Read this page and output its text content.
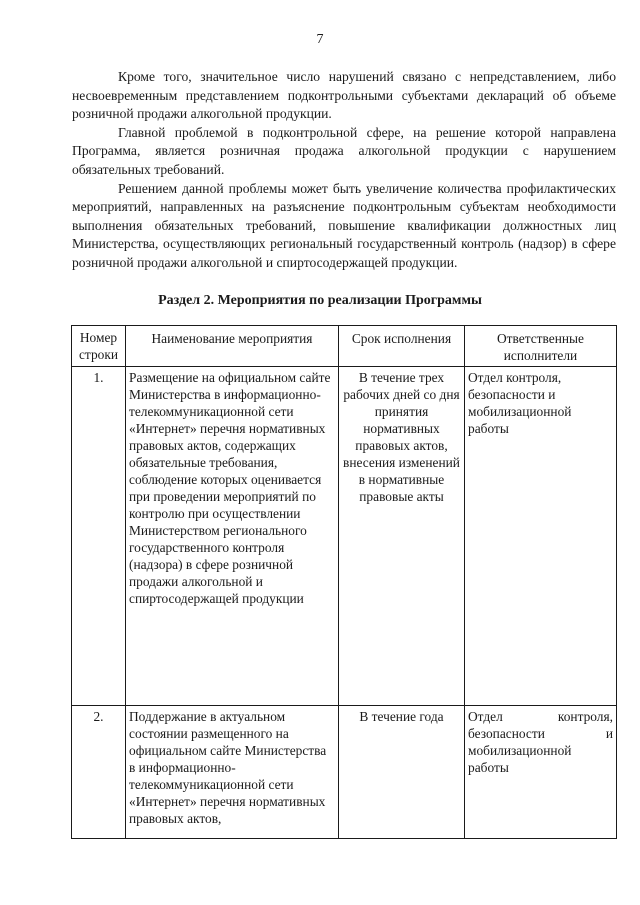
7

Кроме того, значительное число нарушений связано с непредставлением, либо несвоевременным представлением подконтрольными субъектами деклараций об объеме розничной продажи алкогольной продукции.

Главной проблемой в подконтрольной сфере, на решение которой направлена Программа, является розничная продажа алкогольной продукции с нарушением обязательных требований.

Решением данной проблемы может быть увеличение количества профилактических мероприятий, направленных на разъяснение подконтрольным субъектам необходимости выполнения обязательных требований, повышение квалификации должностных лиц Министерства, осуществляющих региональный государственный контроль (надзор) в сфере розничной продажи алкогольной и спиртосодержащей продукции.

Раздел 2. Мероприятия по реализации Программы
Номер строки	Наименование мероприятия	Срок исполнения	Ответственные исполнители
1.	Размещение на официальном сайте Министерства в информационно-телекоммуникационной сети «Интернет» перечня нормативных правовых актов, содержащих обязательные требования, соблюдение которых оценивается при проведении мероприятий по контролю при осуществлении Министерством регионального государственного контроля (надзора) в сфере розничной продажи алкогольной и спиртосодержащей продукции	В течение трех рабочих дней со дня принятия нормативных правовых актов, внесения изменений в нормативные правовые акты	Отдел контроля, безопасности и мобилизационной работы
2.	Поддержание в актуальном состоянии размещенного на официальном сайте Министерства в информационно-телекоммуникационной сети «Интернет» перечня нормативных правовых актов,	В течение года	Отдел контроля, безопасности и мобилизационной работы
